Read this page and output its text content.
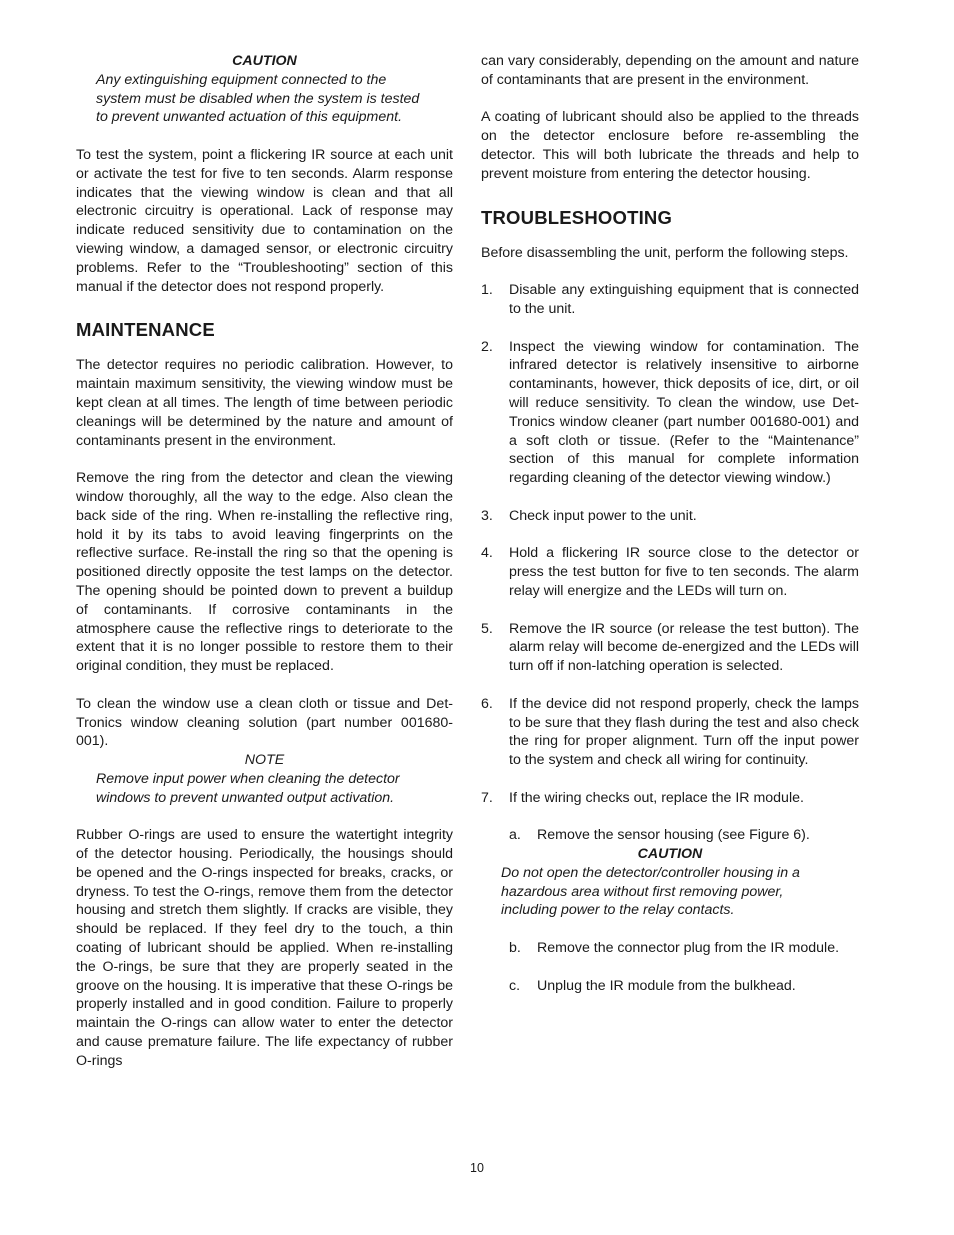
CAUTION

Any extinguishing equipment connected to the system must be disabled when the system is tested to prevent unwanted actuation of this equipment.

To test the system, point a flickering IR source at each unit or activate the test for five to ten seconds. Alarm response indicates that the viewing window is clean and that all electronic circuitry is operational. Lack of response may indicate reduced sensitivity due to contamination on the viewing window, a damaged sensor, or electronic circuitry problems. Refer to the “Troubleshooting” section of this manual if the detector does not respond properly.

MAINTENANCE

The detector requires no periodic calibration. However, to maintain maximum sensitivity, the viewing window must be kept clean at all times. The length of time between periodic cleanings will be determined by the nature and amount of contaminants present in the environment.

Remove the ring from the detector and clean the viewing window thoroughly, all the way to the edge. Also clean the back side of the ring. When re-installing the reflective ring, hold it by its tabs to avoid leaving fingerprints on the reflective surface. Re-install the ring so that the opening is positioned directly opposite the test lamps on the detector. The opening should be pointed down to prevent a buildup of contaminants. If corrosive contaminants in the atmosphere cause the reflective rings to deteriorate to the extent that it is no longer possible to restore them to their original condition, they must be replaced.

To clean the window use a clean cloth or tissue and Det-Tronics window cleaning solution (part number 001680-001).

NOTE

Remove input power when cleaning the detector windows to prevent unwanted output activation.

Rubber O-rings are used to ensure the watertight integrity of the detector housing. Periodically, the housings should be opened and the O-rings inspected for breaks, cracks, or dryness. To test the O-rings, remove them from the detector housing and stretch them slightly. If cracks are visible, they should be replaced. If they feel dry to the touch, a thin coating of lubricant should be applied. When re-installing the O-rings, be sure that they are properly seated in the groove on the housing. It is imperative that these O-rings be properly installed and in good condition. Failure to properly maintain the O-rings can allow water to enter the detector and cause premature failure. The life expectancy of rubber O-rings

can vary considerably, depending on the amount and nature of contaminants that are present in the environment.

A coating of lubricant should also be applied to the threads on the detector enclosure before re-assembling the detector. This will both lubricate the threads and help to prevent moisture from entering the detector housing.

TROUBLESHOOTING

Before disassembling the unit, perform the following steps.

1. Disable any extinguishing equipment that is connected to the unit.
2. Inspect the viewing window for contamination. The infrared detector is relatively insensitive to airborne contaminants, however, thick deposits of ice, dirt, or oil will reduce sensitivity. To clean the window, use Det-Tronics window cleaner (part number 001680-001) and a soft cloth or tissue. (Refer to the “Maintenance” section of this manual for complete information regarding cleaning of the detector viewing window.)
3. Check input power to the unit.
4. Hold a flickering IR source close to the detector or press the test button for five to ten seconds. The alarm relay will energize and the LEDs will turn on.
5. Remove the IR source (or release the test button). The alarm relay will become de-energized and the LEDs will turn off if non-latching operation is selected.
6. If the device did not respond properly, check the lamps to be sure that they flash during the test and also check the ring for proper alignment. Turn off the input power to the system and check all wiring for continuity.
7. If the wiring checks out, replace the IR module.
a. Remove the sensor housing (see Figure 6).

CAUTION

Do not open the detector/controller housing in a hazardous area without first removing power, including power to the relay contacts.

b. Remove the connector plug from the IR module.
c. Unplug the IR module from the bulkhead.
10
